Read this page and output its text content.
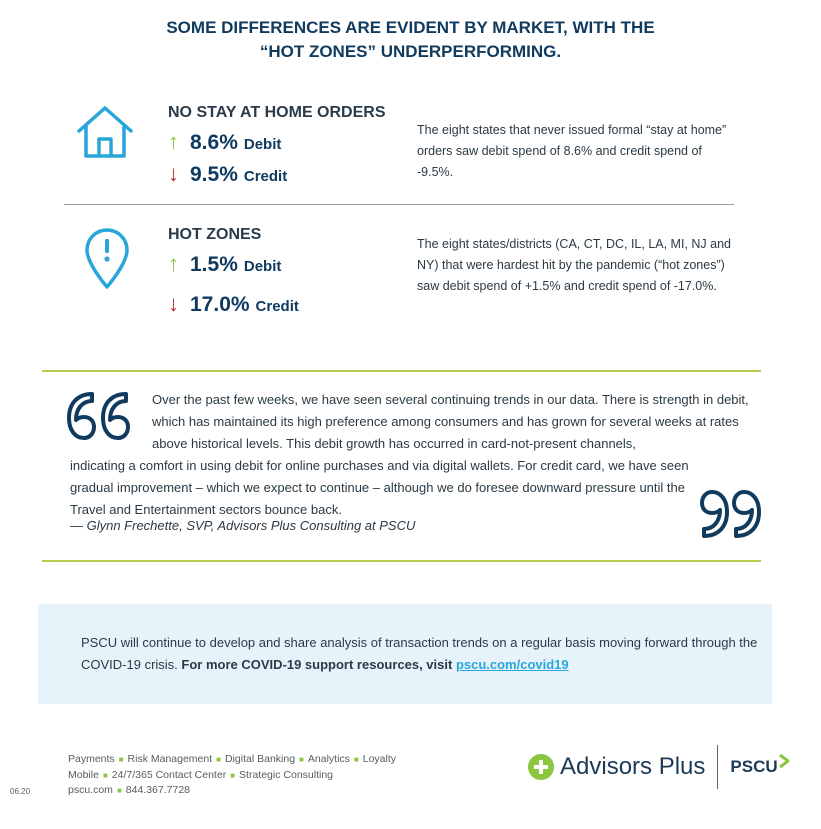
SOME DIFFERENCES ARE EVIDENT BY MARKET, WITH THE
“HOT ZONES” UNDERPERFORMING.
NO STAY AT HOME ORDERS
↑ 8.6% Debit
↓ 9.5% Credit
The eight states that never issued formal “stay at home” orders saw debit spend of 8.6% and credit spend of -9.5%.
HOT ZONES
↑ 1.5% Debit
↓ 17.0% Credit
The eight states/districts (CA, CT, DC, IL, LA, MI, NJ and NY) that were hardest hit by the pandemic (“hot zones”) saw debit spend of +1.5% and credit spend of -17.0%.
Over the past few weeks, we have seen several continuing trends in our data. There is strength in debit, which has maintained its high preference among consumers and has grown for several weeks at rates above historical levels. This debit growth has occurred in card-not-present channels,
indicating a comfort in using debit for online purchases and via digital wallets. For credit card, we have seen gradual improvement – which we expect to continue – although we do foresee downward pressure until the Travel and Entertainment sectors bounce back.
— Glynn Frechette, SVP, Advisors Plus Consulting at PSCU
PSCU will continue to develop and share analysis of transaction trends on a regular basis moving forward through the COVID-19 crisis. For more COVID-19 support resources, visit pscu.com/covid19
Payments ■ Risk Management ■ Digital Banking ■ Analytics ■ Loyalty
Mobile ■ 24/7/365 Contact Center ■ Strategic Consulting
pscu.com ■ 844.367.7728
06.20
Advisors Plus PSCU
